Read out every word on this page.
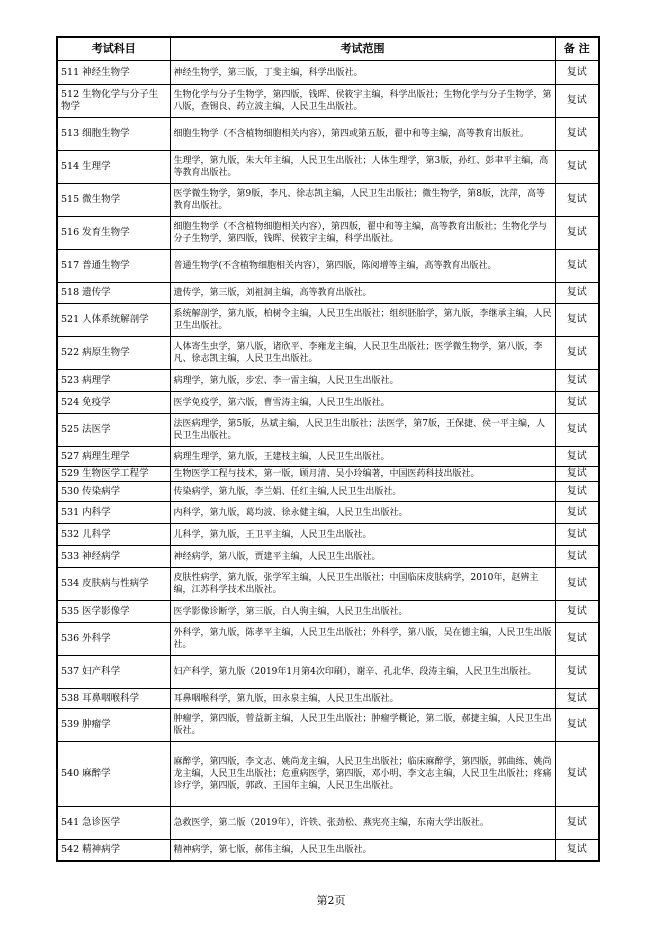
考试科目	考试范围	备 注
511 神经生物学	神经生物学，第三版，丁斐主编，科学出版社。	复试
512 生物化学与分子生物学	生物化学与分子生物学，第四版，钱晖、侯筱宇主编，科学出版社；生物化学与分子生物学，第八版，查锡良、药立波主编，人民卫生出版社。	复试
513 细胞生物学	细胞生物学（不含植物细胞相关内容），第四或第五版，翟中和等主编，高等教育出版社。	复试
514 生理学	生理学，第九版，朱大年主编，人民卫生出版社；人体生理学，第3版，孙红、彭聿平主编，高等教育出版社。	复试
515 微生物学	医学微生物学，第9版，李凡、徐志凯主编，人民卫生出版社；微生物学，第8版，沈萍，高等教育出版社。	复试
516 发育生物学	细胞生物学（不含植物细胞相关内容），第四版，翟中和等主编，高等教育出版社；生物化学与分子生物学，第四版，钱晖、侯筱宇主编，科学出版社。	复试
517 普通生物学	普通生物学(不含植物细胞相关内容），第四版，陈阅增等主编，高等教育出版社。	复试
518 遗传学	遗传学，第三版，刘祖洞主编，高等教育出版社。	复试
521 人体系统解剖学	系统解剖学，第九版，柏树令主编，人民卫生出版社；组织胚胎学，第九版，李继承主编，人民卫生出版社。	复试
522 病原生物学	人体寄生虫学，第八版，诸欣平、李雍龙主编，人民卫生出版社；医学微生物学，第八版，李凡、徐志凯主编，人民卫生出版社。	复试
523 病理学	病理学，第九版，步宏、李一雷主编，人民卫生出版社。	复试
524 免疫学	医学免疫学，第六版，曹雪涛主编，人民卫生出版社。	复试
525 法医学	法医病理学，第5版，丛斌主编，人民卫生出版社；法医学，第7版，王保捷、侯一平主编，人民卫生出版社。	复试
527 病理生理学	病理生理学，第九版，王建枝主编，人民卫生出版社。	复试
529 生物医学工程学	生物医学工程与技术，第一版，顾月清、吴小玲编著，中国医药科技出版社。	复试
530 传染病学	传染病学，第九版，李兰娟、任红主编,人民卫生出版社。	复试
531 内科学	内科学，第九版，葛均波、徐永健主编，人民卫生出版社。	复试
532 儿科学	儿科学，第九版，王卫平主编，人民卫生出版社。	复试
533 神经病学	神经病学，第八版，贾建平主编，人民卫生出版社。	复试
534 皮肤病与性病学	皮肤性病学，第九版，张学军主编，人民卫生出版社；中国临床皮肤病学，2010年，赵辨主编，江苏科学技术出版社。	复试
535 医学影像学	医学影像诊断学，第三版，白人驹主编，人民卫生出版社。	复试
536 外科学	外科学，第九版，陈孝平主编，人民卫生出版社；外科学，第八版，吴在德主编，人民卫生出版社。	复试
537 妇产科学	妇产科学，第九版（2019年1月第4次印刷），谢辛、孔北华、段涛主编，人民卫生出版社。	复试
538 耳鼻咽喉科学	耳鼻咽喉科学，第九版，田永泉主编，人民卫生出版社。	复试
539 肿瘤学	肿瘤学，第四版，曾益新主编，人民卫生出版社；肿瘤学概论，第二版，郝捷主编，人民卫生出版社。	复试
540 麻醉学	麻醉学，第四版，李文志、姚尚龙主编，人民卫生出版社；临床麻醉学，第四版，郭曲练、姚尚龙主编，人民卫生出版社；危重病医学，第四版，邓小明、李文志主编，人民卫生出版社；疼痛诊疗学，第四版，郭政、王国年主编，人民卫生出版社。	复试
541 急诊医学	急救医学，第二版（2019年），许铁、张劲松、燕宪亮主编，东南大学出版社。	复试
542 精神病学	精神病学，第七版，郝伟主编，人民卫生出版社。	复试
第2页
